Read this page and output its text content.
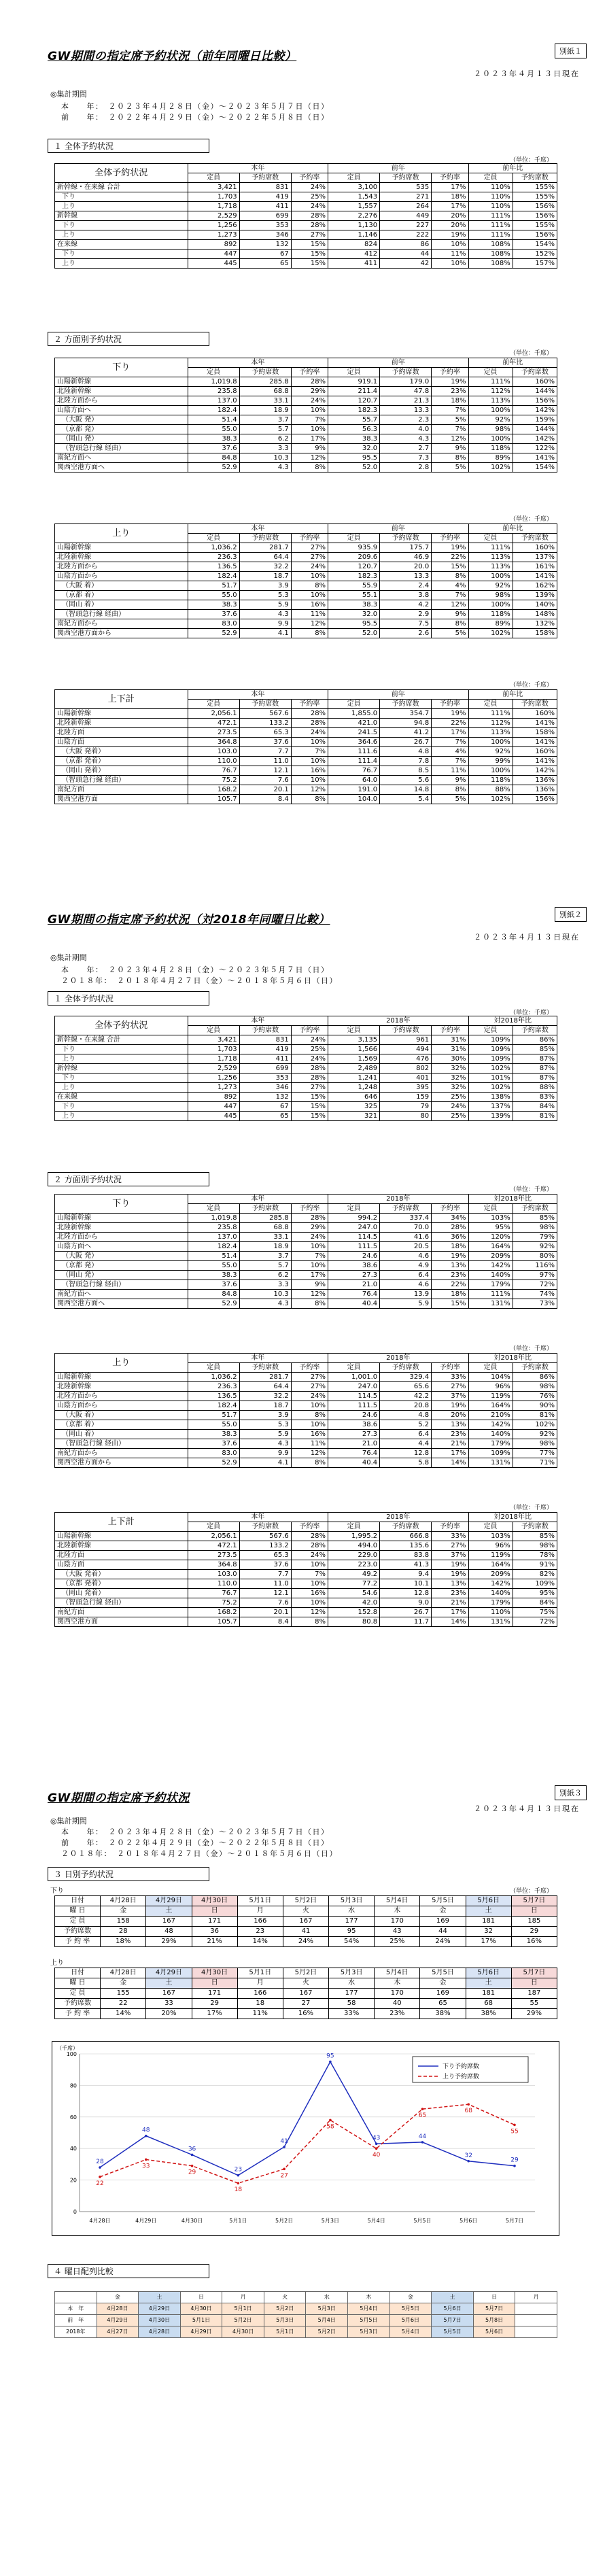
GW期間の指定席予約状況（前年同曜日比較）	別紙１
２０２３年４月１３日現在
◎集計期間
本　　年：　２０２３年４月２８日（金）～２０２３年５月７日（日）
前　　年：　２０２２年４月２９日（金）～２０２２年５月８日（日）
１ 全体予約状況
（単位：千席）
全体予約状況	本年			前年			前年比	
	定員	予約席数	予約率	定員	予約席数	予約率	定員	予約席数
新幹線・在来線 合計	3,421	831	24%	3,100	535	17%	110%	155%
下り	1,703	419	25%	1,543	271	18%	110%	155%
上り	1,718	411	24%	1,557	264	17%	110%	156%
新幹線	2,529	699	28%	2,276	449	20%	111%	156%
下り	1,256	353	28%	1,130	227	20%	111%	155%
上り	1,273	346	27%	1,146	222	19%	111%	156%
在来線	892	132	15%	824	86	10%	108%	154%
下り	447	67	15%	412	44	11%	108%	152%
上り	445	65	15%	411	42	10%	108%	157%
２ 方面別予約状況
（単位：千席）
下り	本年			前年			前年比	
	定員	予約席数	予約率	定員	予約席数	予約率	定員	予約席数
山陽新幹線	1,019.8	285.8	28%	919.1	179.0	19%	111%	160%
北陸新幹線	235.8	68.8	29%	211.4	47.8	23%	112%	144%
北陸方面から	137.0	33.1	24%	120.7	21.3	18%	113%	156%
山陰方面へ	182.4	18.9	10%	182.3	13.3	7%	100%	142%
（大阪 発）	51.4	3.7	7%	55.7	2.3	5%	92%	159%
（京都 発）	55.0	5.7	10%	56.3	4.0	7%	98%	144%
（岡山 発）	38.3	6.2	17%	38.3	4.3	12%	100%	142%
（智頭急行線 経由）	37.6	3.3	9%	32.0	2.7	9%	118%	122%
南紀方面へ	84.8	10.3	12%	95.5	7.3	8%	89%	141%
関西空港方面へ	52.9	4.3	8%	52.0	2.8	5%	102%	154%
（単位：千席）
上り	本年			前年			前年比	
	定員	予約席数	予約率	定員	予約席数	予約率	定員	予約席数
山陽新幹線	1,036.2	281.7	27%	935.9	175.7	19%	111%	160%
北陸新幹線	236.3	64.4	27%	209.6	46.9	22%	113%	137%
北陸方面から	136.5	32.2	24%	120.7	20.0	15%	113%	161%
山陰方面から	182.4	18.7	10%	182.3	13.3	8%	100%	141%
（大阪 着）	51.7	3.9	8%	55.9	2.4	4%	92%	162%
（京都 着）	55.0	5.3	10%	55.1	3.8	7%	98%	139%
（岡山 着）	38.3	5.9	16%	38.3	4.2	12%	100%	140%
（智頭急行線 経由）	37.6	4.3	11%	32.0	2.9	9%	118%	148%
南紀方面から	83.0	9.9	12%	95.5	7.5	8%	89%	132%
関西空港方面から	52.9	4.1	8%	52.0	2.6	5%	102%	158%
（単位：千席）
上下計	本年			前年			前年比	
	定員	予約席数	予約率	定員	予約席数	予約率	定員	予約席数
山陽新幹線	2,056.1	567.6	28%	1,855.0	354.7	19%	111%	160%
北陸新幹線	472.1	133.2	28%	421.0	94.8	22%	112%	141%
北陸方面	273.5	65.3	24%	241.5	41.2	17%	113%	158%
山陰方面	364.8	37.6	10%	364.6	26.7	7%	100%	141%
（大阪 発着）	103.0	7.7	7%	111.6	4.8	4%	92%	160%
（京都 発着）	110.0	11.0	10%	111.4	7.8	7%	99%	141%
（岡山 発着）	76.7	12.1	16%	76.7	8.5	11%	100%	142%
（智頭急行線 経由）	75.2	7.6	10%	64.0	5.6	9%	118%	136%
南紀方面	168.2	20.1	12%	191.0	14.8	8%	88%	136%
関西空港方面	105.7	8.4	8%	104.0	5.4	5%	102%	156%
GW期間の指定席予約状況（対2018年同曜日比較）	別紙２
２０２３年４月１３日現在
◎集計期間
本　　年：　２０２３年４月２８日（金）～２０２３年５月７日（日）
２０１８年：　２０１８年４月２７日（金）～２０１８年５月６日（日）
１ 全体予約状況
（単位：千席）
全体予約状況	本年			2018年			対2018年比	
	定員	予約席数	予約率	定員	予約席数	予約率	定員	予約席数
新幹線・在来線 合計	3,421	831	24%	3,135	961	31%	109%	86%
下り	1,703	419	25%	1,566	494	31%	109%	85%
上り	1,718	411	24%	1,569	476	30%	109%	87%
新幹線	2,529	699	28%	2,489	802	32%	102%	87%
下り	1,256	353	28%	1,241	401	32%	101%	87%
上り	1,273	346	27%	1,248	395	32%	102%	88%
在来線	892	132	15%	646	159	25%	138%	83%
下り	447	67	15%	325	79	24%	137%	84%
上り	445	65	15%	321	80	25%	139%	81%
２ 方面別予約状況
（単位：千席）
下り	本年			2018年			対2018年比	
	定員	予約席数	予約率	定員	予約席数	予約率	定員	予約席数
山陽新幹線	1,019.8	285.8	28%	994.2	337.4	34%	103%	85%
北陸新幹線	235.8	68.8	29%	247.0	70.0	28%	95%	98%
北陸方面から	137.0	33.1	24%	114.5	41.6	36%	120%	79%
山陰方面へ	182.4	18.9	10%	111.5	20.5	18%	164%	92%
（大阪 発）	51.4	3.7	7%	24.6	4.6	19%	209%	80%
（京都 発）	55.0	5.7	10%	38.6	4.9	13%	142%	116%
（岡山 発）	38.3	6.2	17%	27.3	6.4	23%	140%	97%
（智頭急行線 経由）	37.6	3.3	9%	21.0	4.6	22%	179%	72%
南紀方面へ	84.8	10.3	12%	76.4	13.9	18%	111%	74%
関西空港方面へ	52.9	4.3	8%	40.4	5.9	15%	131%	73%
（単位：千席）
上り	本年			2018年			対2018年比	
	定員	予約席数	予約率	定員	予約席数	予約率	定員	予約席数
山陽新幹線	1,036.2	281.7	27%	1,001.0	329.4	33%	104%	86%
北陸新幹線	236.3	64.4	27%	247.0	65.6	27%	96%	98%
北陸方面から	136.5	32.2	24%	114.5	42.2	37%	119%	76%
山陰方面から	182.4	18.7	10%	111.5	20.8	19%	164%	90%
（大阪 着）	51.7	3.9	8%	24.6	4.8	20%	210%	81%
（京都 着）	55.0	5.3	10%	38.6	5.2	13%	142%	102%
（岡山 着）	38.3	5.9	16%	27.3	6.4	23%	140%	92%
（智頭急行線 経由）	37.6	4.3	11%	21.0	4.4	21%	179%	98%
南紀方面から	83.0	9.9	12%	76.4	12.8	17%	109%	77%
関西空港方面から	52.9	4.1	8%	40.4	5.8	14%	131%	71%
（単位：千席）
上下計	本年			2018年			対2018年比	
	定員	予約席数	予約率	定員	予約席数	予約率	定員	予約席数
山陽新幹線	2,056.1	567.6	28%	1,995.2	666.8	33%	103%	85%
北陸新幹線	472.1	133.2	28%	494.0	135.6	27%	96%	98%
北陸方面	273.5	65.3	24%	229.0	83.8	37%	119%	78%
山陰方面	364.8	37.6	10%	223.0	41.3	19%	164%	91%
（大阪 発着）	103.0	7.7	7%	49.2	9.4	19%	209%	82%
（京都 発着）	110.0	11.0	10%	77.2	10.1	13%	142%	109%
（岡山 発着）	76.7	12.1	16%	54.6	12.8	23%	140%	95%
（智頭急行線 経由）	75.2	7.6	10%	42.0	9.0	21%	179%	84%
南紀方面	168.2	20.1	12%	152.8	26.7	17%	110%	75%
関西空港方面	105.7	8.4	8%	80.8	11.7	14%	131%	72%
GW期間の指定席予約状況	別紙３
２０２３年４月１３日現在
◎集計期間
本　　年：　２０２３年４月２８日（金）～２０２３年５月７日（日）
前　　年：　２０２２年４月２９日（金）～２０２２年５月８日（日）
２０１８年：　２０１８年４月２７日（金）～２０１８年５月６日（日）
３ 日別予約状況
下り	（単位：千席）
日付	4月28日	4月29日	4月30日	5月1日	5月2日	5月3日	5月4日	5月5日	5月6日	5月7日
曜 日	金	土	日	月	火	水	木	金	土	日
定 員	158	167	171	166	167	177	170	169	181	185
予約席数	28	48	36	23	41	95	43	44	32	29
予 約 率	18%	29%	21%	14%	24%	54%	25%	24%	17%	16%
上り
日付	4月28日	4月29日	4月30日	5月1日	5月2日	5月3日	5月4日	5月5日	5月6日	5月7日
曜 日	金	土	日	月	火	水	木	金	土	日
定 員	155	167	171	166	167	177	170	169	181	187
予約席数	22	33	29	18	27	58	40	65	68	55
予 約 率	14%	20%	17%	11%	16%	33%	23%	38%	38%	29%
（千席）
0
20
40
60
80
100
4月28日	4月29日	4月30日	5月1日	5月2日	5月3日	5月4日	5月5日	5月6日	5月7日
28
48
36
23
41
95
43	44
32
29
22
33
29
18
27
58
40
65
68
55
下り予約席数
上り予約席数
４ 曜日配列比較
	金	土	日	月	火	水	木	金	土	日	月
本　年	4月28日	4月29日	4月30日	5月1日	5月2日	5月3日	5月4日	5月5日	5月6日	5月7日	
前　年	4月29日	4月30日	5月1日	5月2日	5月3日	5月4日	5月5日	5月6日	5月7日	5月8日	
2018年	4月27日	4月28日	4月29日	4月30日	5月1日	5月2日	5月3日	5月4日	5月5日	5月6日	
